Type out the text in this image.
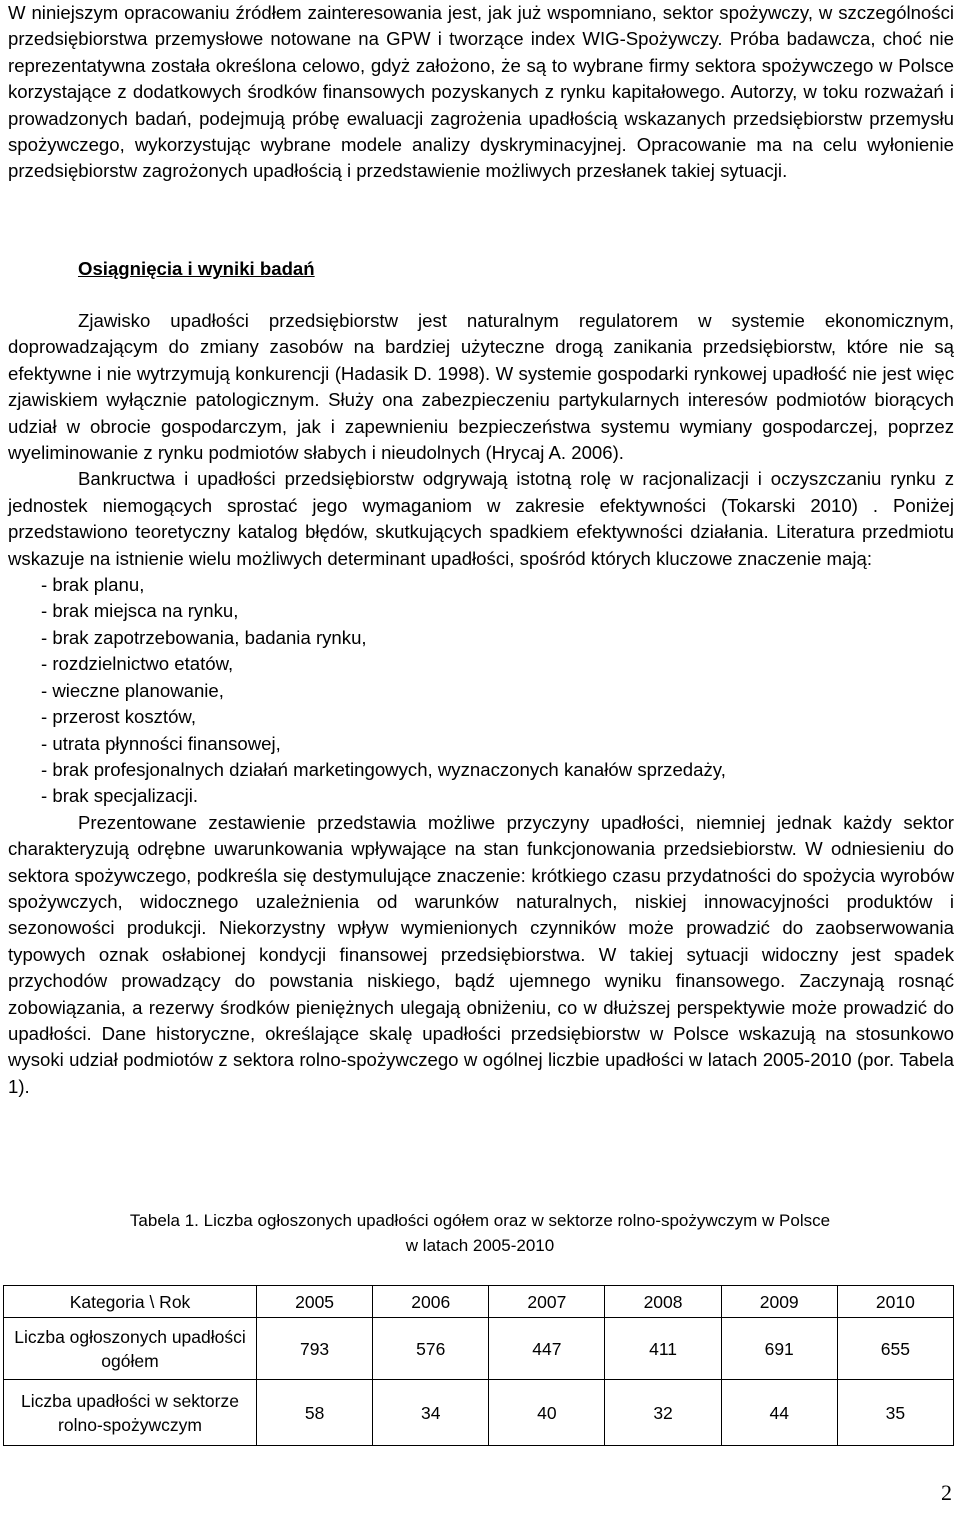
W niniejszym opracowaniu źródłem zainteresowania jest, jak już wspomniano, sektor spożywczy, w szczególności przedsiębiorstwa przemysłowe notowane na GPW i tworzące index WIG-Spożywczy. Próba badawcza, choć nie reprezentatywna została określona celowo, gdyż założono, że są to wybrane firmy sektora spożywczego w Polsce korzystające z dodatkowych środków finansowych pozyskanych z rynku kapitałowego. Autorzy, w toku rozważań i prowadzonych badań, podejmują próbę ewaluacji zagrożenia upadłością wskazanych przedsiębiorstw przemysłu spożywczego, wykorzystując wybrane modele analizy dyskryminacyjnej. Opracowanie ma na celu wyłonienie przedsiębiorstw zagrożonych upadłością i przedstawienie możliwych przesłanek takiej sytuacji.
Osiągnięcia i wyniki badań

Zjawisko upadłości przedsiębiorstw jest naturalnym regulatorem w systemie ekonomicznym, doprowadzającym do zmiany zasobów na bardziej użyteczne drogą zanikania przedsiębiorstw, które nie są efektywne i nie wytrzymują konkurencji (Hadasik D. 1998). W systemie gospodarki rynkowej upadłość nie jest więc zjawiskiem wyłącznie patologicznym. Służy ona zabezpieczeniu partykularnych interesów podmiotów biorących udział w obrocie gospodarczym, jak i zapewnieniu bezpieczeństwa systemu wymiany gospodarczej, poprzez wyeliminowanie z rynku podmiotów słabych i nieudolnych (Hrycaj A. 2006).

Bankructwa i upadłości przedsiębiorstw odgrywają istotną rolę w racjonalizacji i oczyszczaniu rynku z jednostek niemogących sprostać jego wymaganiom w zakresie efektywności (Tokarski 2010) . Poniżej przedstawiono teoretyczny katalog błędów, skutkujących spadkiem efektywności działania. Literatura przedmiotu wskazuje na istnienie wielu możliwych determinant upadłości, spośród których kluczowe znaczenie mają:

- brak planu,
- brak miejsca na rynku,
- brak zapotrzebowania, badania rynku,
- rozdzielnictwo etatów,
- wieczne planowanie,
- przerost kosztów,
- utrata płynności finansowej,
- brak profesjonalnych działań marketingowych, wyznaczonych kanałów sprzedaży,
- brak specjalizacji.

Prezentowane zestawienie przedstawia możliwe przyczyny upadłości, niemniej jednak każdy sektor charakteryzują odrębne uwarunkowania wpływające na stan funkcjonowania przedsiebiorstw. W odniesieniu do sektora spożywczego, podkreśla się destymulujące znaczenie: krótkiego czasu przydatności do spożycia wyrobów spożywczych, widocznego uzależnienia od warunków naturalnych, niskiej innowacyjności produktów i sezonowości produkcji. Niekorzystny wpływ wymienionych czynników może prowadzić do zaobserwowania typowych oznak osłabionej kondycji finansowej przedsiębiorstwa. W takiej sytuacji widoczny jest spadek przychodów prowadzący do powstania niskiego, bądź ujemnego wyniku finansowego. Zaczynają rosnąć zobowiązania, a rezerwy środków pieniężnych ulegają obniżeniu, co w dłuższej perspektywie może prowadzić do upadłości. Dane historyczne, określające skalę upadłości przedsiębiorstw w Polsce wskazują na stosunkowo wysoki udział podmiotów z sektora rolno-spożywczego w ogólnej liczbie upadłości w latach 2005-2010 (por. Tabela 1).

Tabela 1. Liczba ogłoszonych upadłości ogółem oraz w sektorze rolno-spożywczym w Polsce
w latach 2005-2010
Kategoria \ Rok	2005	2006	2007	2008	2009	2010
Liczba ogłoszonych upadłości ogółem	793	576	447	411	691	655
Liczba upadłości w sektorze rolno-spożywczym	58	34	40	32	44	35
2
